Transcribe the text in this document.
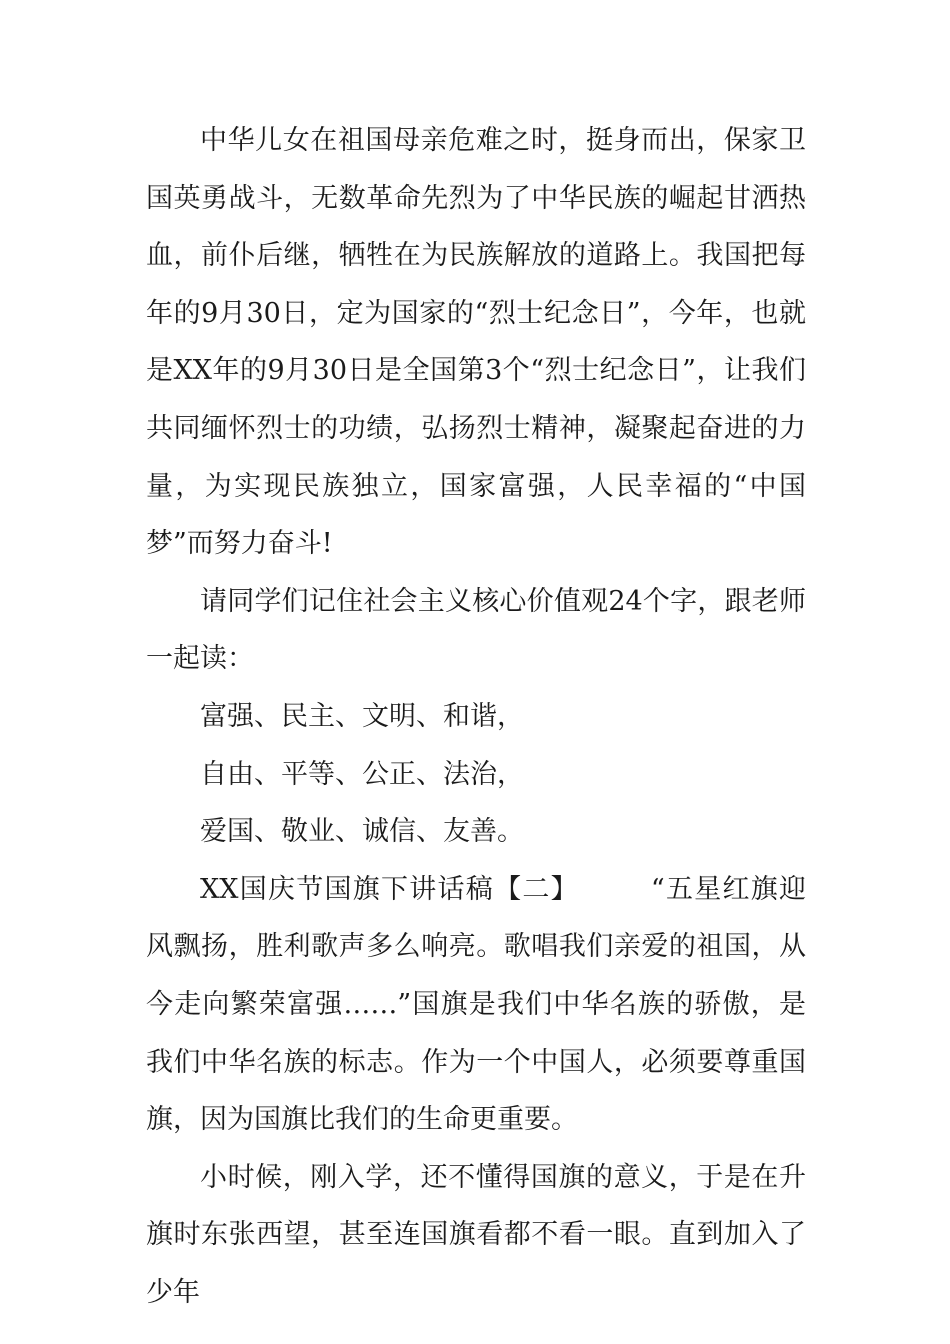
中华儿女在祖国母亲危难之时，挺身而出，保家卫国英勇战斗，无数革命先烈为了中华民族的崛起甘洒热血，前仆后继，牺牲在为民族解放的道路上。我国把每年的9月30日，定为国家的“烈士纪念日”，今年，也就是XX年的9月30日是全国第3个“烈士纪念日”，让我们共同缅怀烈士的功绩，弘扬烈士精神，凝聚起奋进的力量，为实现民族独立，国家富强，人民幸福的“中国梦”而努力奋斗!

请同学们记住社会主义核心价值观24个字，跟老师一起读：

富强、民主、文明、和谐，

自由、平等、公正、法治，

爱国、敬业、诚信、友善。

XX国庆节国旗下讲话稿【二】	“五星红旗迎风飘扬，胜利歌声多么响亮。歌唱我们亲爱的祖国，从今走向繁荣富强……”国旗是我们中华名族的骄傲，是我们中华名族的标志。作为一个中国人，必须要尊重国旗，因为国旗比我们的生命更重要。

小时候，刚入学，还不懂得国旗的意义，于是在升旗时东张西望，甚至连国旗看都不看一眼。直到加入了少年
